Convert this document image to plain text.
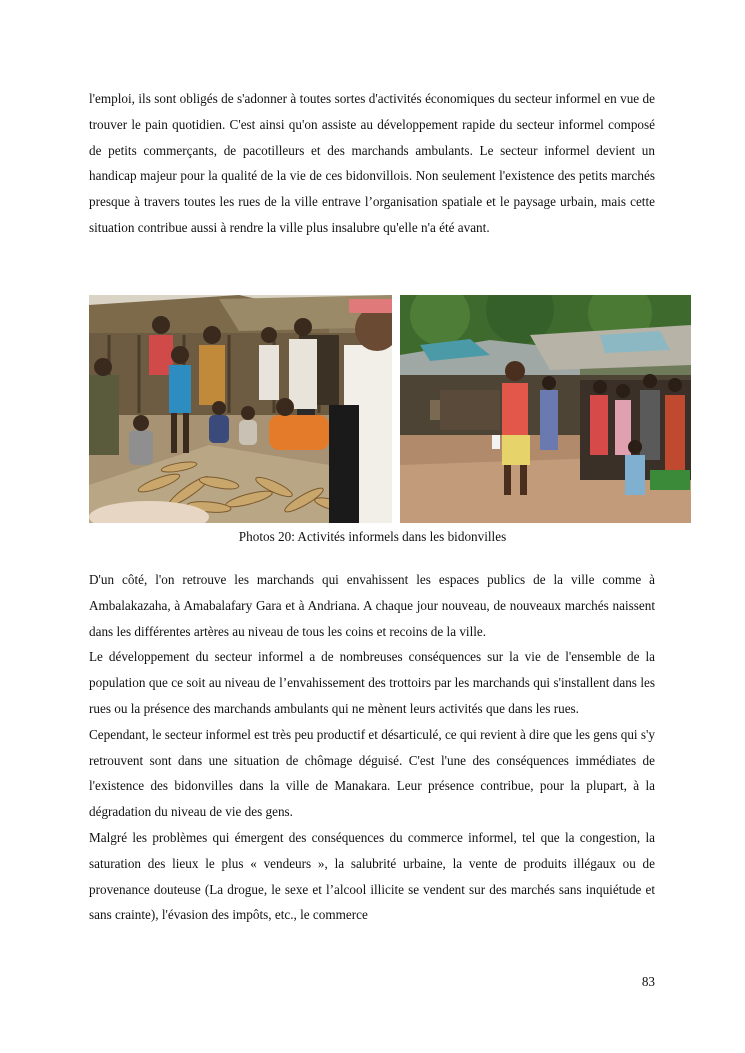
l'emploi, ils sont obligés de s'adonner à toutes sortes d'activités économiques du secteur informel en vue de trouver le pain quotidien. C'est ainsi qu'on assiste au développement rapide du secteur informel composé de petits commerçants, de pacotilleurs et des marchands ambulants. Le secteur informel devient un handicap majeur pour la qualité de la vie de ces bidonvillois. Non seulement l'existence des petits marchés presque à travers toutes les rues de la ville entrave l’organisation spatiale et le paysage urbain, mais cette situation contribue aussi à rendre la ville plus insalubre qu'elle n'a été avant.
Photos 20: Activités informels dans les bidonvilles

D'un côté, l'on retrouve les marchands qui envahissent les espaces publics de la ville comme à Ambalakazaha, à Amabalafary Gara et à Andriana. A chaque jour nouveau, de nouveaux marchés naissent dans les différentes artères au niveau de tous les coins et recoins de la ville.

Le développement du secteur informel a de nombreuses conséquences sur la vie de l'ensemble de la population que ce soit au niveau de l’envahissement des trottoirs par les marchands qui s'installent dans les rues ou la présence des marchands ambulants qui ne mènent leurs activités que dans les rues.

Cependant, le secteur informel est très peu productif et désarticulé, ce qui revient à dire que les gens qui s'y retrouvent sont dans une situation de chômage déguisé. C'est l'une des conséquences immédiates de l'existence des bidonvilles dans la ville de Manakara. Leur présence contribue, pour la plupart, à la dégradation du niveau de vie des gens.

Malgré les problèmes qui émergent des conséquences du commerce informel, tel que la congestion, la saturation des lieux le plus « vendeurs », la salubrité urbaine, la vente de produits illégaux ou de provenance douteuse (La drogue, le sexe et l’alcool illicite se vendent sur des marchés sans inquiétude et sans crainte), l'évasion des impôts, etc., le commerce

83
